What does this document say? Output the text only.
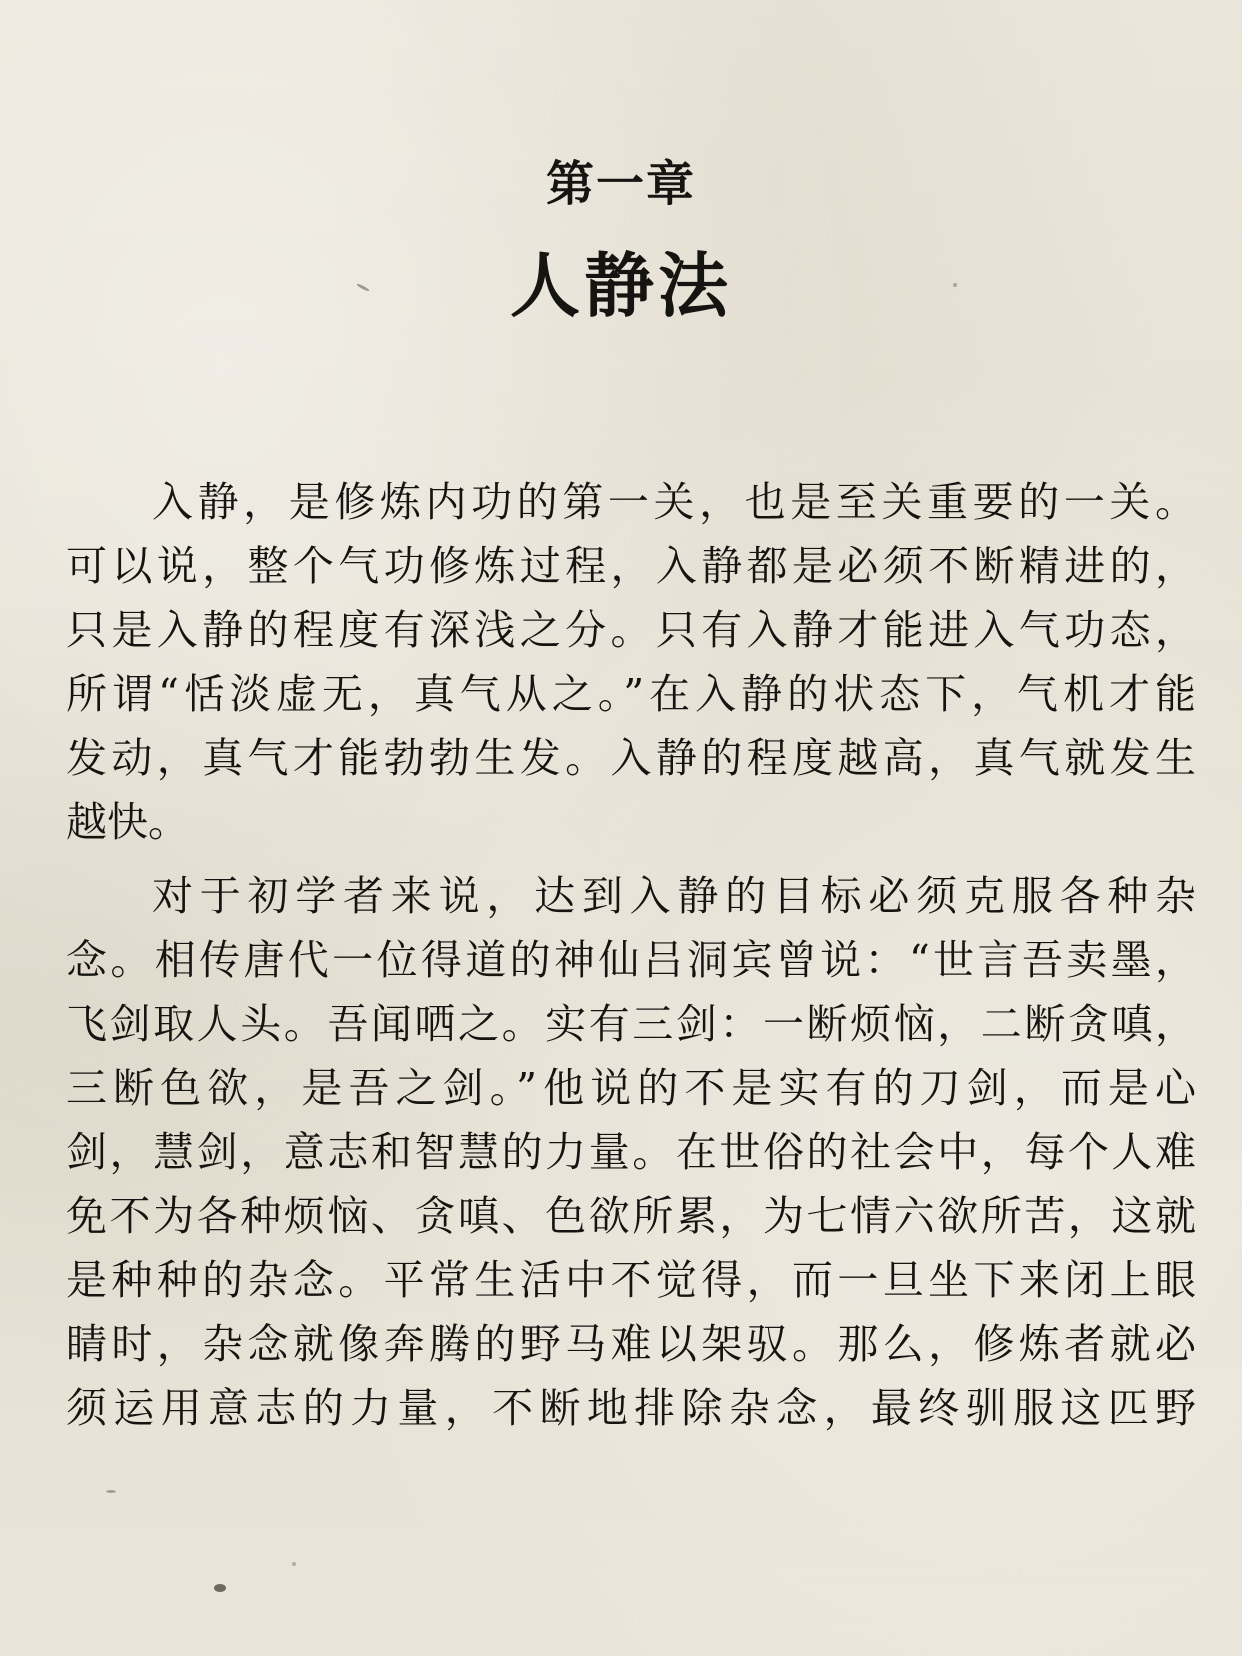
第一章
人静法
入静，是修炼内功的第一关，也是至关重要的一关。
可以说，整个气功修炼过程，入静都是必须不断精进的，
只是入静的程度有深浅之分。只有入静才能进入气功态，
所谓“恬淡虚无，真气从之。”在入静的状态下，气机才能
发动，真气才能勃勃生发。入静的程度越高，真气就发生
越快。
对于初学者来说，达到入静的目标必须克服各种杂
念。相传唐代一位得道的神仙吕洞宾曾说：“世言吾卖墨，
飞剑取人头。吾闻哂之。实有三剑：一断烦恼，二断贪嗔，
三断色欲，是吾之剑。”他说的不是实有的刀剑，而是心
剑，慧剑，意志和智慧的力量。在世俗的社会中，每个人难
免不为各种烦恼、贪嗔、色欲所累，为七情六欲所苦，这就
是种种的杂念。平常生活中不觉得，而一旦坐下来闭上眼
睛时，杂念就像奔腾的野马难以架驭。那么，修炼者就必
须运用意志的力量，不断地排除杂念，最终驯服这匹野
